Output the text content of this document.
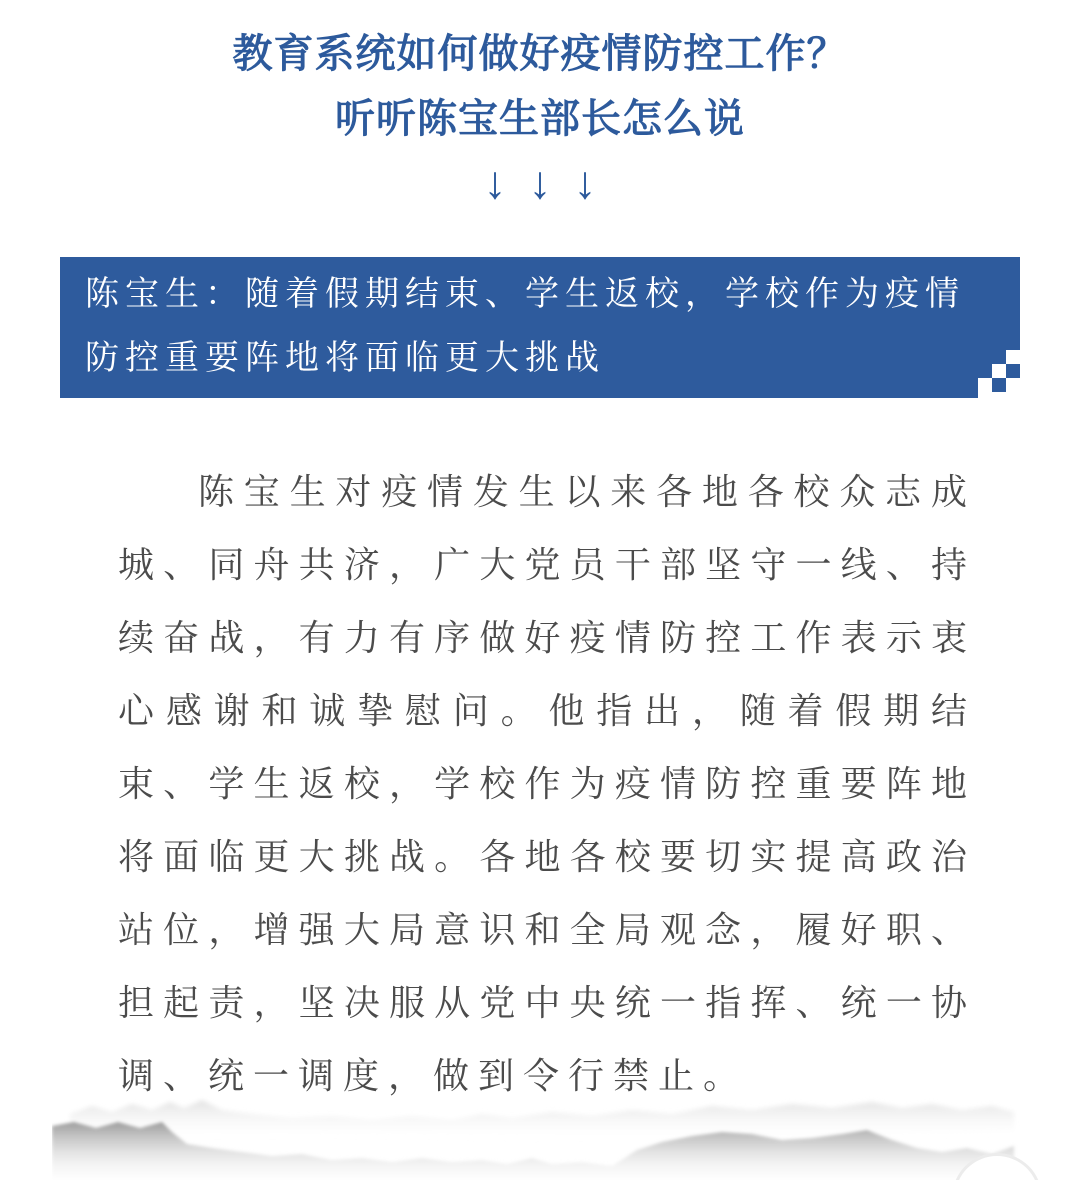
教育系统如何做好疫情防控工作？
听听陈宝生部长怎么说
↓↓↓
陈宝生：随着假期结束、学生返校，学校作为疫情
防控重要阵地将面临更大挑战
陈宝生对疫情发生以来各地各校众志成
城、同舟共济，广大党员干部坚守一线、持
续奋战，有力有序做好疫情防控工作表示衷
心感谢和诚挚慰问。他指出，随着假期结
束、学生返校，学校作为疫情防控重要阵地
将面临更大挑战。各地各校要切实提高政治
站位，增强大局意识和全局观念，履好职、
担起责，坚决服从党中央统一指挥、统一协
调、统一调度，做到令行禁止。
